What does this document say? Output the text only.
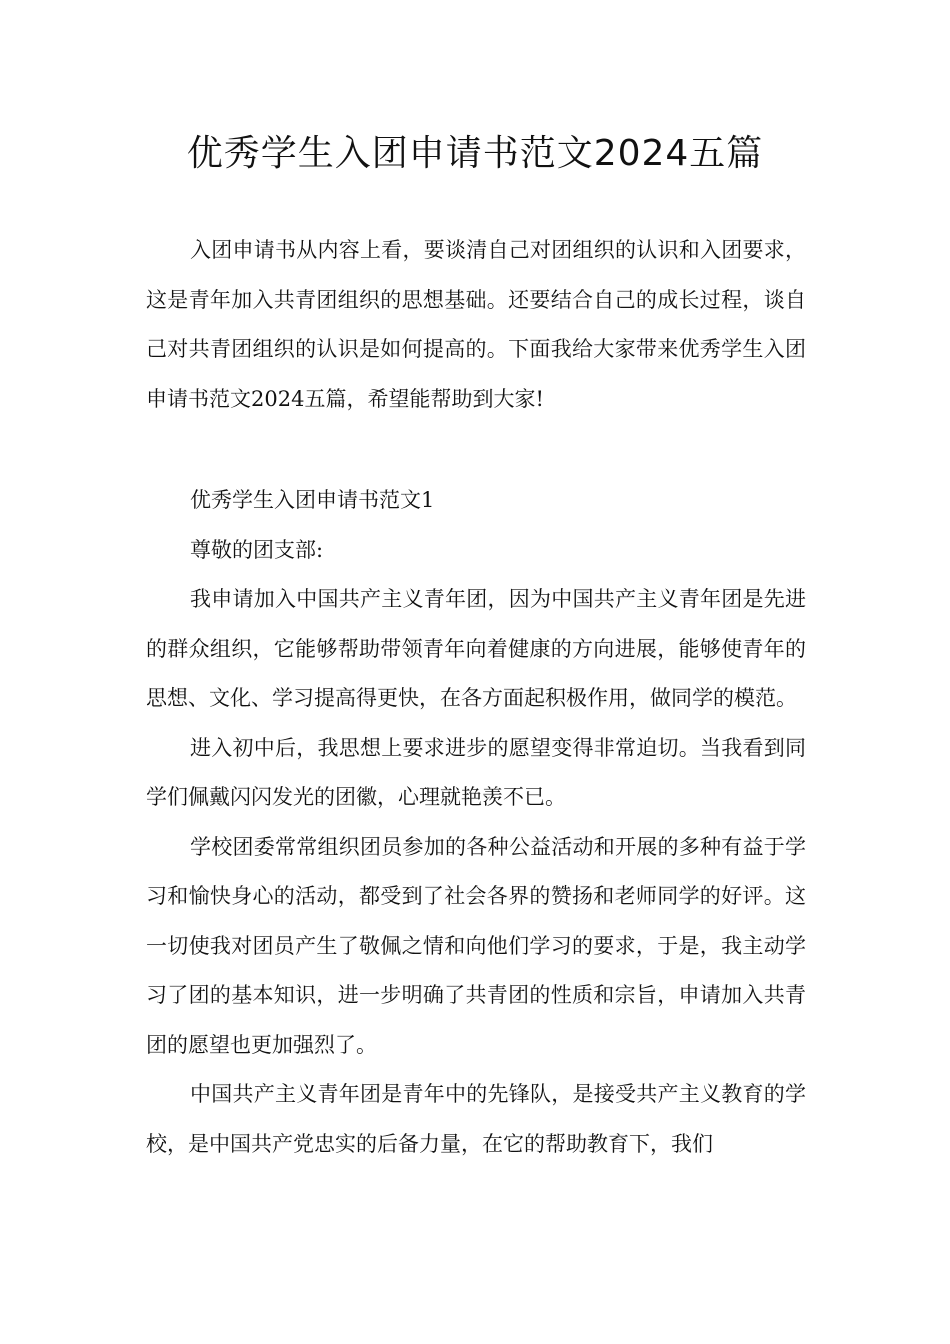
优秀学生入团申请书范文2024五篇

入团申请书从内容上看，要谈清自己对团组织的认识和入团要求，这是青年加入共青团组织的思想基础。还要结合自己的成长过程，谈自己对共青团组织的认识是如何提高的。下面我给大家带来优秀学生入团申请书范文2024五篇，希望能帮助到大家!

优秀学生入团申请书范文1

尊敬的团支部:

我申请加入中国共产主义青年团，因为中国共产主义青年团是先进的群众组织，它能够帮助带领青年向着健康的方向进展，能够使青年的思想、文化、学习提高得更快，在各方面起积极作用，做同学的模范。

进入初中后，我思想上要求进步的愿望变得非常迫切。当我看到同学们佩戴闪闪发光的团徽，心理就艳羡不已。

学校团委常常组织团员参加的各种公益活动和开展的多种有益于学习和愉快身心的活动，都受到了社会各界的赞扬和老师同学的好评。这一切使我对团员产生了敬佩之情和向他们学习的要求，于是，我主动学习了团的基本知识，进一步明确了共青团的性质和宗旨，申请加入共青团的愿望也更加强烈了。

中国共产主义青年团是青年中的先锋队，是接受共产主义教育的学校，是中国共产党忠实的后备力量，在它的帮助教育下，我们
